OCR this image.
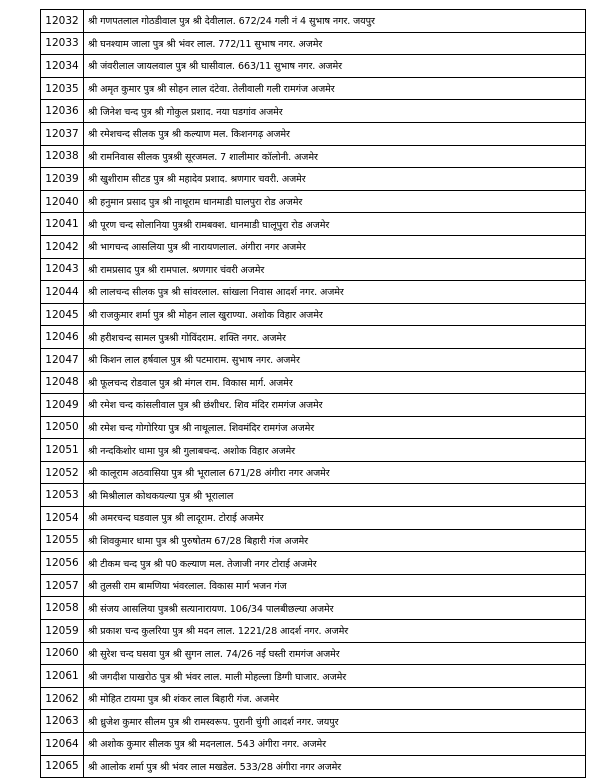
12032	श्री गणपतलाल गोठडीवाल पुत्र श्री देवीलाल. 672/24 गली नं 4 सुभाष नगर. जयपुर
12033	श्री घनश्याम जाला पुत्र श्री भंवर लाल. 772/11 सुभाष नगर. अजमेर
12034	श्री जंवरीलाल जायलवाल पुत्र श्री घासीवाल. 663/11 सुभाष नगर. अजमेर
12035	श्री अमृत कुमार पुत्र श्री सोहन लाल दंटेवा. तेलीवाली गली रामगंज अजमेर
12036	श्री जिनेश चन्द पुत्र श्री गोकुल प्रशाद. नया घडगांव अजमेर
12037	श्री रमेशचन्द सीलक पुत्र श्री कल्याण मल. किशनगढ़ अजमेर
12038	श्री रामनिवास सीलक पुत्रश्री सूरजमल. 7 शालीमार कॉलोनी. अजमेर
12039	श्री खुशीराम सीटड पुत्र श्री महादेव प्रशाद. श्रणगार चवरी. अजमेर
12040	श्री हनुमान प्रसाद पुत्र श्री नाथूराम धानमाडी घालपुरा रोड अजमेर
12041	श्री पूरण चन्द सोलानिया पुत्रश्री रामबक्श. धानमाडी घालूपुरा रोड अजमेर
12042	श्री भागचन्द आसलिया पुत्र श्री नारायणलाल. अंगीरा नगर अजमेर
12043	श्री रामप्रसाद पुत्र श्री रामपाल. श्रणगार चंवरी अजमेर
12044	श्री लालचन्द सीलक पुत्र श्री सांवरलाल. सांखला निवास आदर्श नगर. अजमेर
12045	श्री राजकुमार शर्मा पुत्र श्री मोहन लाल खुराण्या. अशोक विहार अजमेर
12046	श्री हरीशचन्द सामल पुत्रश्री गोविंदराम. शक्ति नगर. अजमेर
12047	श्री किशन लाल हर्षवाल पुत्र श्री पटमाराम. सुभाष नगर. अजमेर
12048	श्री फूलचन्द रोडवाल पुत्र श्री मंगल राम. विकास मार्ग. अजमेर
12049	श्री रमेश चन्द कांसलीवाल पुत्र श्री छंशीधर. शिव मंदिर रामगंज अजमेर
12050	श्री रमेश चन्द गोगोरिया पुत्र श्री नाथूलाल. शिवमंदिर रामगंज अजमेर
12051	श्री नन्दकिशोर धामा पुत्र श्री गुलाबचन्द. अशोक विहार अजमेर
12052	श्री कालूराम अठवासिया पुत्र श्री भूरालाल 671/28 अंगीरा नगर अजमेर
12053	श्री मिश्रीलाल कोथकयल्या पुत्र श्री भूरालाल
12054	श्री अमरचन्द घडवाल पुत्र श्री लादूराम. टोराई अजमेर
12055	श्री शिवकुमार धामा पुत्र श्री पुरुषोतम 67/28 बिहारी गंज अजमेर
12056	श्री टीकम चन्द पुत्र श्री प0 कल्याण मल. तेजाजी नगर टोराई अजमेर
12057	श्री तुलसी राम बामणिया भंवरलाल. विकास मार्ग भजन गंज
12058	श्री संजय आसलिया पुत्रश्री सत्यानारायण. 106/34 पालबीछल्या अजमेर
12059	श्री प्रकाश चन्द कुलरिया पुत्र श्री मदन लाल. 1221/28 आदर्श नगर. अजमेर
12060	श्री सुरेश चन्द घसवा पुत्र श्री सुगन लाल. 74/26 नई घस्ती रामगंज अजमेर
12061	श्री जगदीश पाखरोठ पुत्र श्री भंवर लाल. माली मोहल्ला डिग्गी घाजार. अजमेर
12062	श्री मोहित टायमा पुत्र श्री शंकर लाल बिहारी गंज. अजमेर
12063	श्री ध्रुजेश कुमार सीलम पुत्र श्री रामस्वरूप. पुरानी चुंगी आदर्श नगर. जयपुर
12064	श्री अशोक कुमार सीलक पुत्र श्री मदनलाल. 543 अंगीरा नगर. अजमेर
12065	श्री आलोक शर्मा पुत्र श्री भंवर लाल मखडेल. 533/28 अंगीरा नगर अजमेर
